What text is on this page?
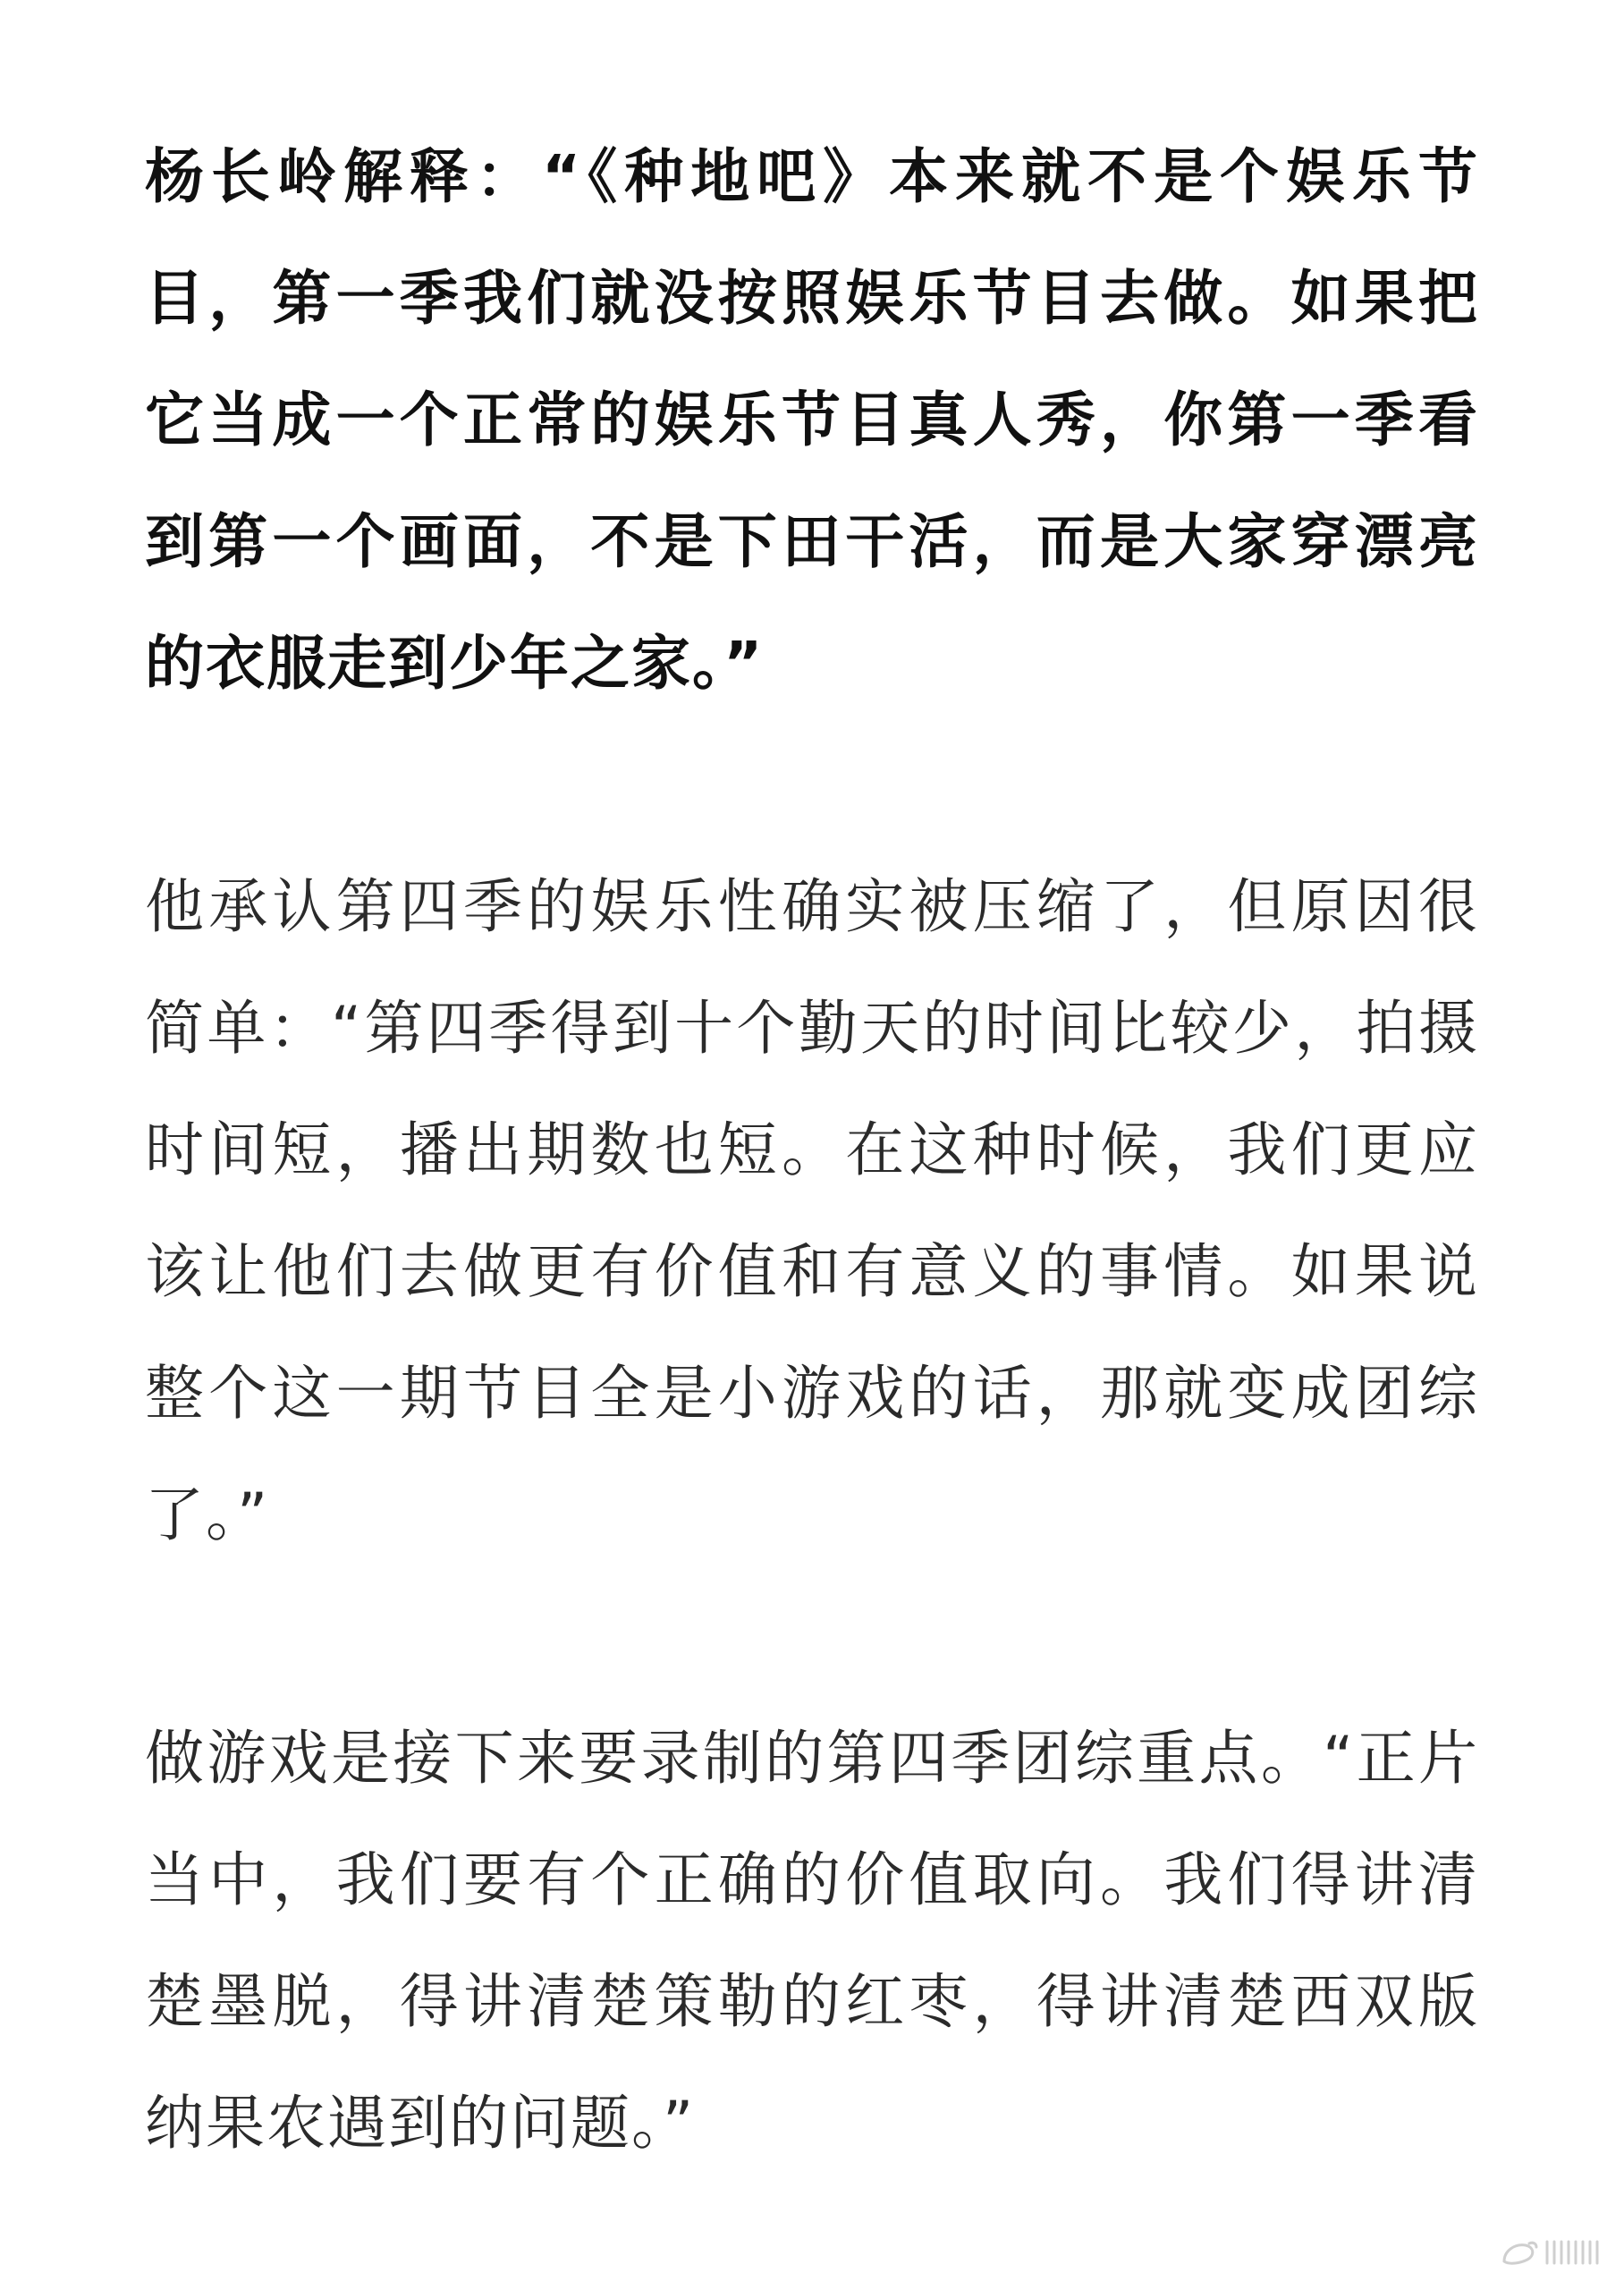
杨长岭解释：“《种地吧》本来就不是个娱乐节目，第一季我们就没按照娱乐节目去做。如果把它当成一个正常的娱乐节目真人秀，你第一季看到第一个画面，不是下田干活，而是大家穿漂亮的衣服走到少年之家。”

他承认第四季的娱乐性确实被压缩了，但原因很简单：“第四季得到十个勤天的时间比较少，拍摄时间短，播出期数也短。在这种时候，我们更应该让他们去做更有价值和有意义的事情。如果说整个这一期节目全是小游戏的话，那就变成团综了。”

做游戏是接下来要录制的第四季团综重点。“正片当中，我们要有个正确的价值取向。我们得讲清楚墨脱，得讲清楚策勒的红枣，得讲清楚西双版纳果农遇到的问题。”
